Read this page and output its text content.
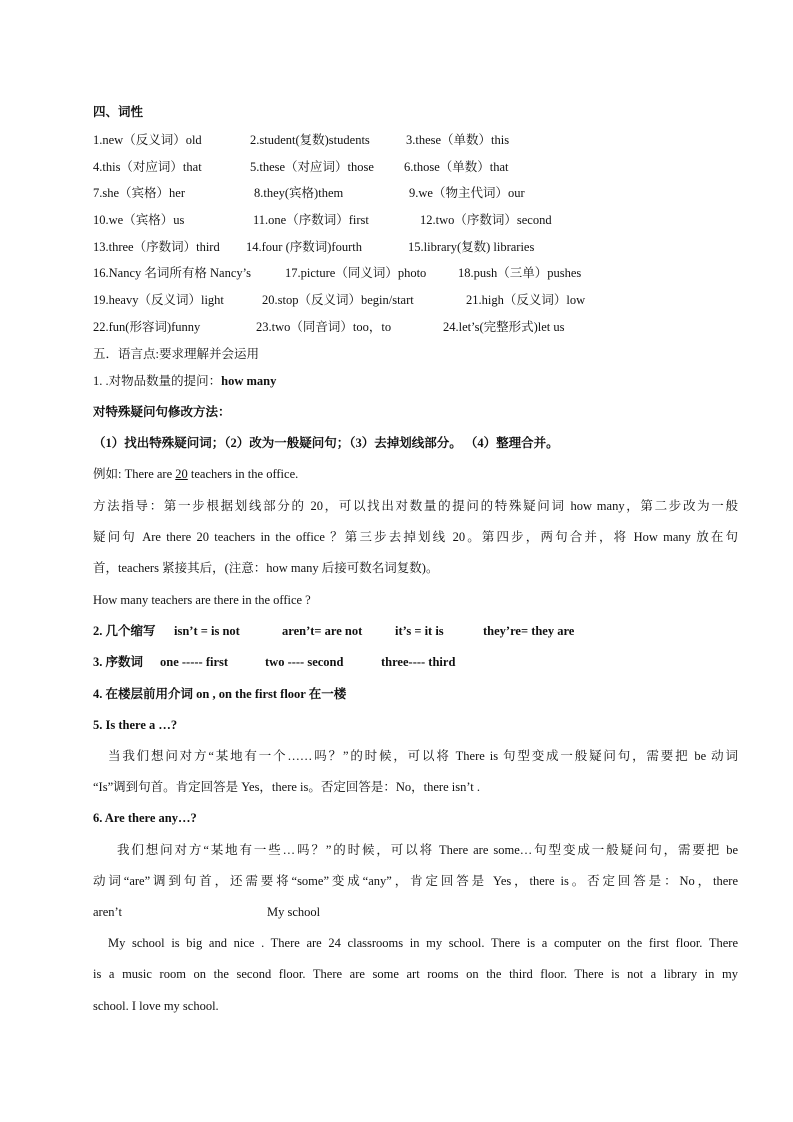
四、词性
1.new（反义词）old	2.student(复数)students	3.these（单数）this
4.this（对应词）that	5.these（对应词）those 6.those（单数）that
7.she（宾格）her	8.they(宾格)them	9.we（物主代词）our
10.we（宾格）us	11.one（序数词）first	12.two（序数词）second
13.three（序数词）third 14.four (序数词)fourth	15.library(复数) libraries
16.Nancy 名词所有格 Nancy’s	17.picture（同义词）photo	18.push（三单）pushes
19.heavy（反义词）light	20.stop（反义词）begin/start	21.high（反义词）low
22.fun(形容词)funny	23.two（同音词）too，to	24.let’s(完整形式)let us
五．语言点:要求理解并会运用
1. .对物品数量的提问：how many
对特殊疑问句修改方法：
（1）找出特殊疑问词；（2）改为一般疑问句；（3）去掉划线部分。 （4）整理合并。
例如: There are 20 teachers in the office.
方法指导：第一步根据划线部分的 20，可以找出对数量的提问的特殊疑问词 how many，第二步改为一般
疑问句 Are there 20 teachers in the office ？第三步去掉划线 20。第四步，两句合并，将 How many 放在句
首，teachers 紧接其后，(注意：how many 后接可数名词复数)。
How many teachers are there in the office ?
2. 几个缩写 isn’t = is not	aren’t= are not	it’s = it is	they’re= they are
3. 序数词 one ----- first	two ---- second	three---- third
4. 在楼层前用介词 on , on the first floor 在一楼
5. Is there a …?
当我们想问对方“某地有一个……吗？”的时候，可以将 There is 句型变成一般疑问句，需要把 be 动词
“Is”调到句首。肯定回答是 Yes，there is。否定回答是：No，there isn’t .
6. Are there any…?
我们想问对方“某地有一些…吗？”的时候，可以将 There are some…句型变成一般疑问句，需要把 be
动词“are”调到句首，还需要将“some”变成“any”，肯定回答是 Yes，there is。否定回答是：No，there
aren’t	My school
My school is big and nice . There are 24 classrooms in my school. There is a computer on the first floor. There
is a music room on the second floor. There are some art rooms on the third floor. There is not a library in my
school. I love my school.
